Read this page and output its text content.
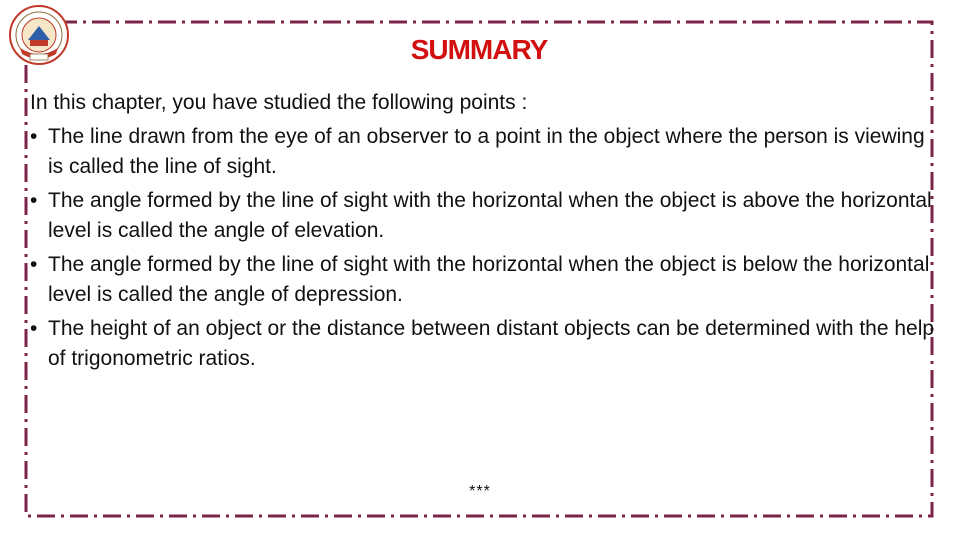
SUMMARY

In this chapter, you have studied the following points :

• The line drawn from the eye of an observer to a point in the object where the person is viewing is called the line of sight.
• The angle formed by the line of sight with the horizontal when the object is above the horizontal level is called the angle of elevation.
• The angle formed by the line of sight with the horizontal when the object is below the horizontal level is called the angle of depression.
• The height of an object or the distance between distant objects can be determined with the help of trigonometric ratios.
***
